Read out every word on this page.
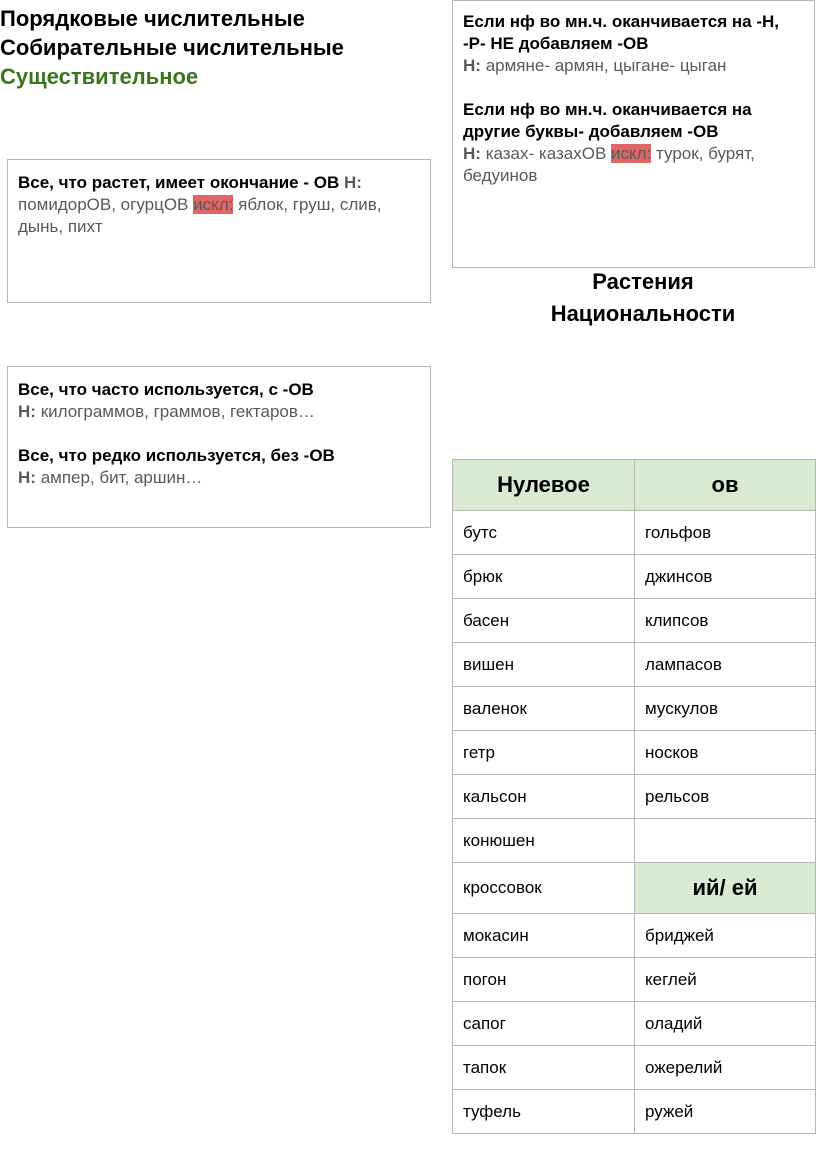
Порядковые числительные
Собирательные числительные
Существительное
Все, что растет, имеет окончание - ОВ Н: помидорОВ, огурцОВ искл: яблок, груш, слив, дынь, пихт
Все, что часто используется, с -ОВ
Н: килограммов, граммов, гектаров…
Все, что редко используется, без -ОВ
Н: ампер, бит, аршин…
Если нф во мн.ч. оканчивается на -Н, -Р- НЕ добавляем -ОВ
Н: армяне- армян, цыгане- цыган
Если нф во мн.ч. оканчивается на другие буквы- добавляем -ОВ
Н: казах- казахОВ искл: турок, бурят, бедуинов
Растения
Национальности
Нулевое	ов
бутс	гольфов
брюк	джинсов
басен	клипсов
вишен	лампасов
валенок	мускулов
гетр	носков
кальсон	рельсов
конюшен	
кроссовок	ий/ ей
мокасин	бриджей
погон	кеглей
сапог	оладий
тапок	ожерелий
туфель	ружей
